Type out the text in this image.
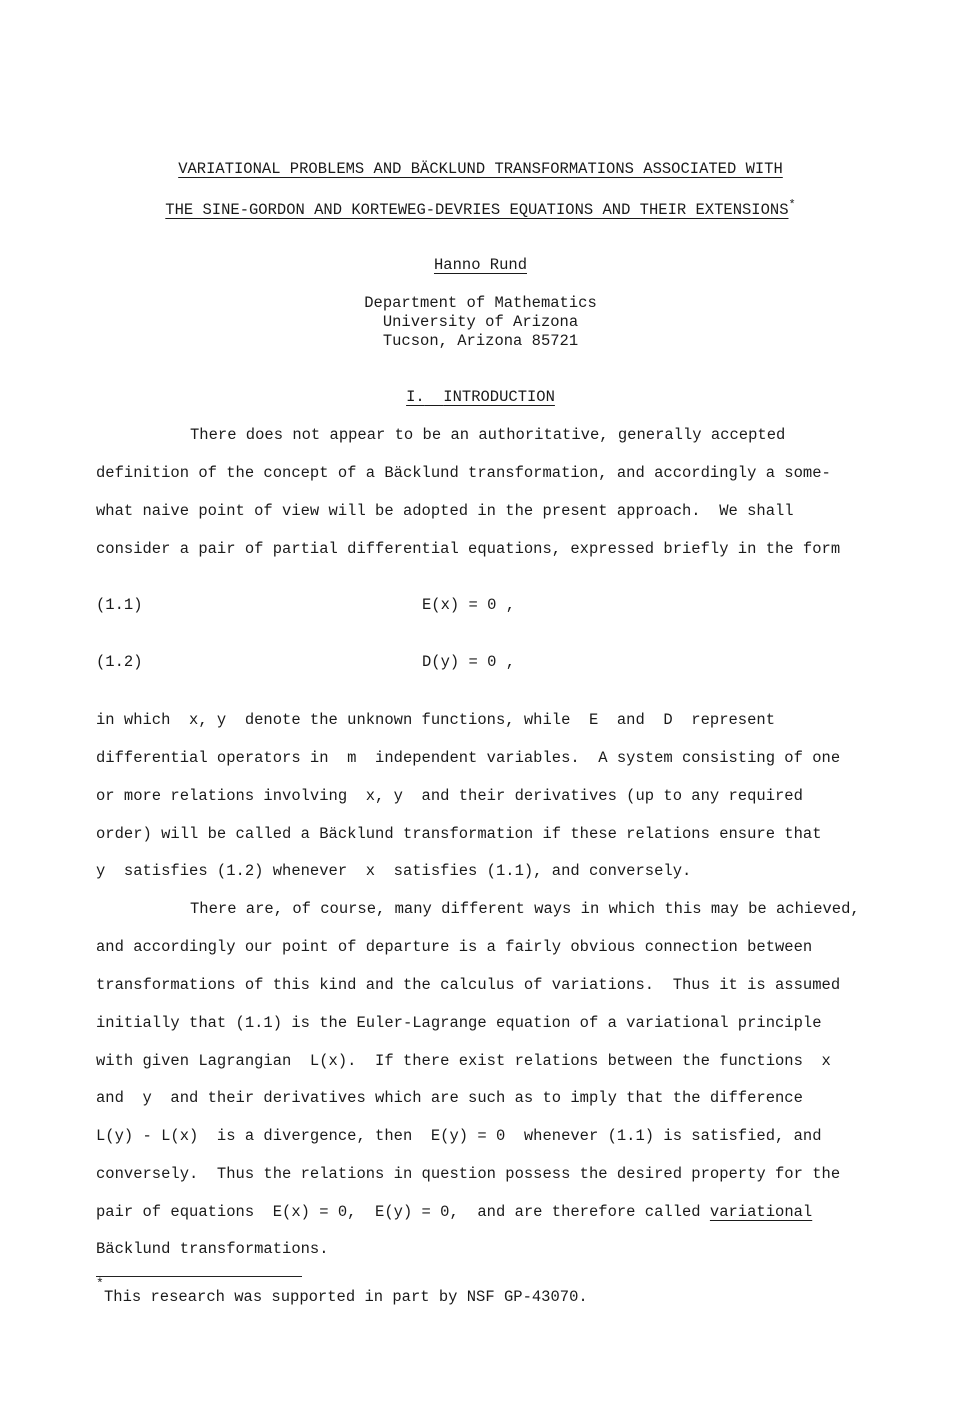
VARIATIONAL PROBLEMS AND BÄCKLUND TRANSFORMATIONS ASSOCIATED WITH
THE SINE-GORDON AND KORTEWEG-DEVRIES EQUATIONS AND THEIR EXTENSIONS*
Hanno Rund
Department of Mathematics
University of Arizona
Tucson, Arizona 85721
I. INTRODUCTION
There does not appear to be an authoritative, generally accepted
definition of the concept of a Bäcklund transformation, and accordingly a some-
what naive point of view will be adopted in the present approach.  We shall
consider a pair of partial differential equations, expressed briefly in the form
(1.1)	E(x) = 0 ,
(1.2)	D(y) = 0 ,
in which  x, y  denote the unknown functions, while  E  and  D  represent
differential operators in  m  independent variables.  A system consisting of one
or more relations involving  x, y  and their derivatives (up to any required
order) will be called a Bäcklund transformation if these relations ensure that
y  satisfies (1.2) whenever  x  satisfies (1.1), and conversely.
There are, of course, many different ways in which this may be achieved,
and accordingly our point of departure is a fairly obvious connection between
transformations of this kind and the calculus of variations.  Thus it is assumed
initially that (1.1) is the Euler-Lagrange equation of a variational principle
with given Lagrangian  L(x).  If there exist relations between the functions  x
and  y  and their derivatives which are such as to imply that the difference
L(y) - L(x)  is a divergence, then  E(y) = 0  whenever (1.1) is satisfied, and
conversely.  Thus the relations in question possess the desired property for the
pair of equations  E(x) = 0,  E(y) = 0,  and are therefore called variational
Bäcklund transformations.
*
This research was supported in part by NSF GP-43070.
